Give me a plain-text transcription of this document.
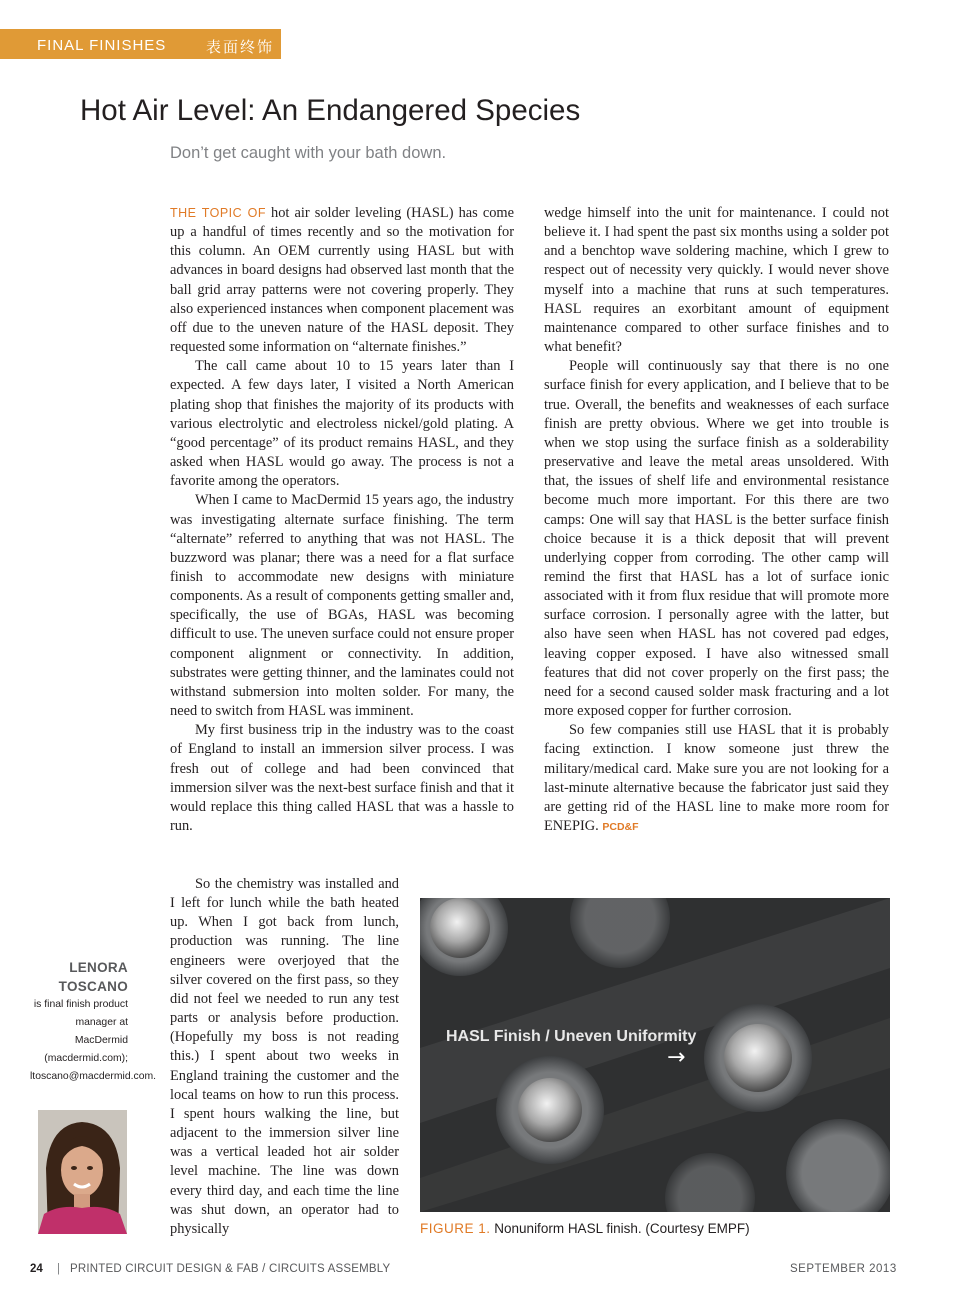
FINAL FINISHES	表面终饰
Hot Air Level: An Endangered Species
Don’t get caught with your bath down.

THE TOPIC OF hot air solder leveling (HASL) has come up a handful of times recently and so the motivation for this column. An OEM currently using HASL but with advances in board designs had observed last month that the ball grid array patterns were not covering properly. They also experienced instances when component placement was off due to the uneven nature of the HASL deposit. They requested some information on “alternate finishes.”

The call came about 10 to 15 years later than I expected. A few days later, I visited a North American plating shop that finishes the majority of its products with various electrolytic and electroless nickel/gold plating. A “good percentage” of its product remains HASL, and they asked when HASL would go away. The process is not a favorite among the operators.

When I came to MacDermid 15 years ago, the industry was investigating alternate surface finishing. The term “alternate” referred to anything that was not HASL. The buzzword was planar; there was a need for a flat surface finish to accommodate new designs with miniature components. As a result of components getting smaller and, specifically, the use of BGAs, HASL was becoming difficult to use. The uneven surface could not ensure proper component alignment or connectivity. In addition, substrates were getting thinner, and the laminates could not withstand submersion into molten solder. For many, the need to switch from HASL was imminent.

My first business trip in the industry was to the coast of England to install an immersion silver process. I was fresh out of college and had been convinced that immersion silver was the next-best surface finish and that it would replace this thing called HASL that was a hassle to run.

So the chemistry was installed and I left for lunch while the bath heated up. When I got back from lunch, production was running. The line engineers were overjoyed that the silver covered on the first pass, so they did not feel we needed to run any test parts or analysis before production. (Hopefully my boss is not reading this.) I spent about two weeks in England training the customer and the local teams on how to run this process. I spent hours walking the line, but adjacent to the immersion silver line was a vertical leaded hot air solder level machine. The line was down every third day, and each time the line was shut down, an operator had to physically

wedge himself into the unit for maintenance. I could not believe it. I had spent the past six months using a solder pot and a benchtop wave soldering machine, which I grew to respect out of necessity very quickly. I would never shove myself into a machine that runs at such temperatures. HASL requires an exorbitant amount of equipment maintenance compared to other surface finishes and to what benefit?

People will continuously say that there is no one surface finish for every application, and I believe that to be true. Overall, the benefits and weaknesses of each surface finish are pretty obvious. Where we get into trouble is when we stop using the surface finish as a solderability preservative and leave the metal areas unsoldered. With that, the issues of shelf life and environmental resistance become much more important. For this there are two camps: One will say that HASL is the better surface finish choice because it is a thick deposit that will prevent underlying copper from corroding. The other camp will remind the first that HASL has a lot of surface ionic associated with it from flux residue that will promote more surface corrosion. I personally agree with the latter, but also have seen when HASL has not covered pad edges, leaving copper exposed. I have also witnessed small features that did not cover properly on the first pass; the need for a second caused solder mask fracturing and a lot more exposed copper for further corrosion.

So few companies still use HASL that it is probably facing extinction. I know someone just threw the military/medical card. Make sure you are not looking for a last-minute alternative because the fabricator just said they are getting rid of the HASL line to make more room for ENEPIG. PCD&F

LENORA
TOSCANO
is final finish product manager at MacDermid (macdermid.com); ltoscano@macdermid.com.
HASL Finish / Uneven Uniformity
→
FIGURE 1. Nonuniform HASL finish. (Courtesy EMPF)
24 | PRINTED CIRCUIT DESIGN & FAB / CIRCUITS ASSEMBLY	SEPTEMBER 2013
